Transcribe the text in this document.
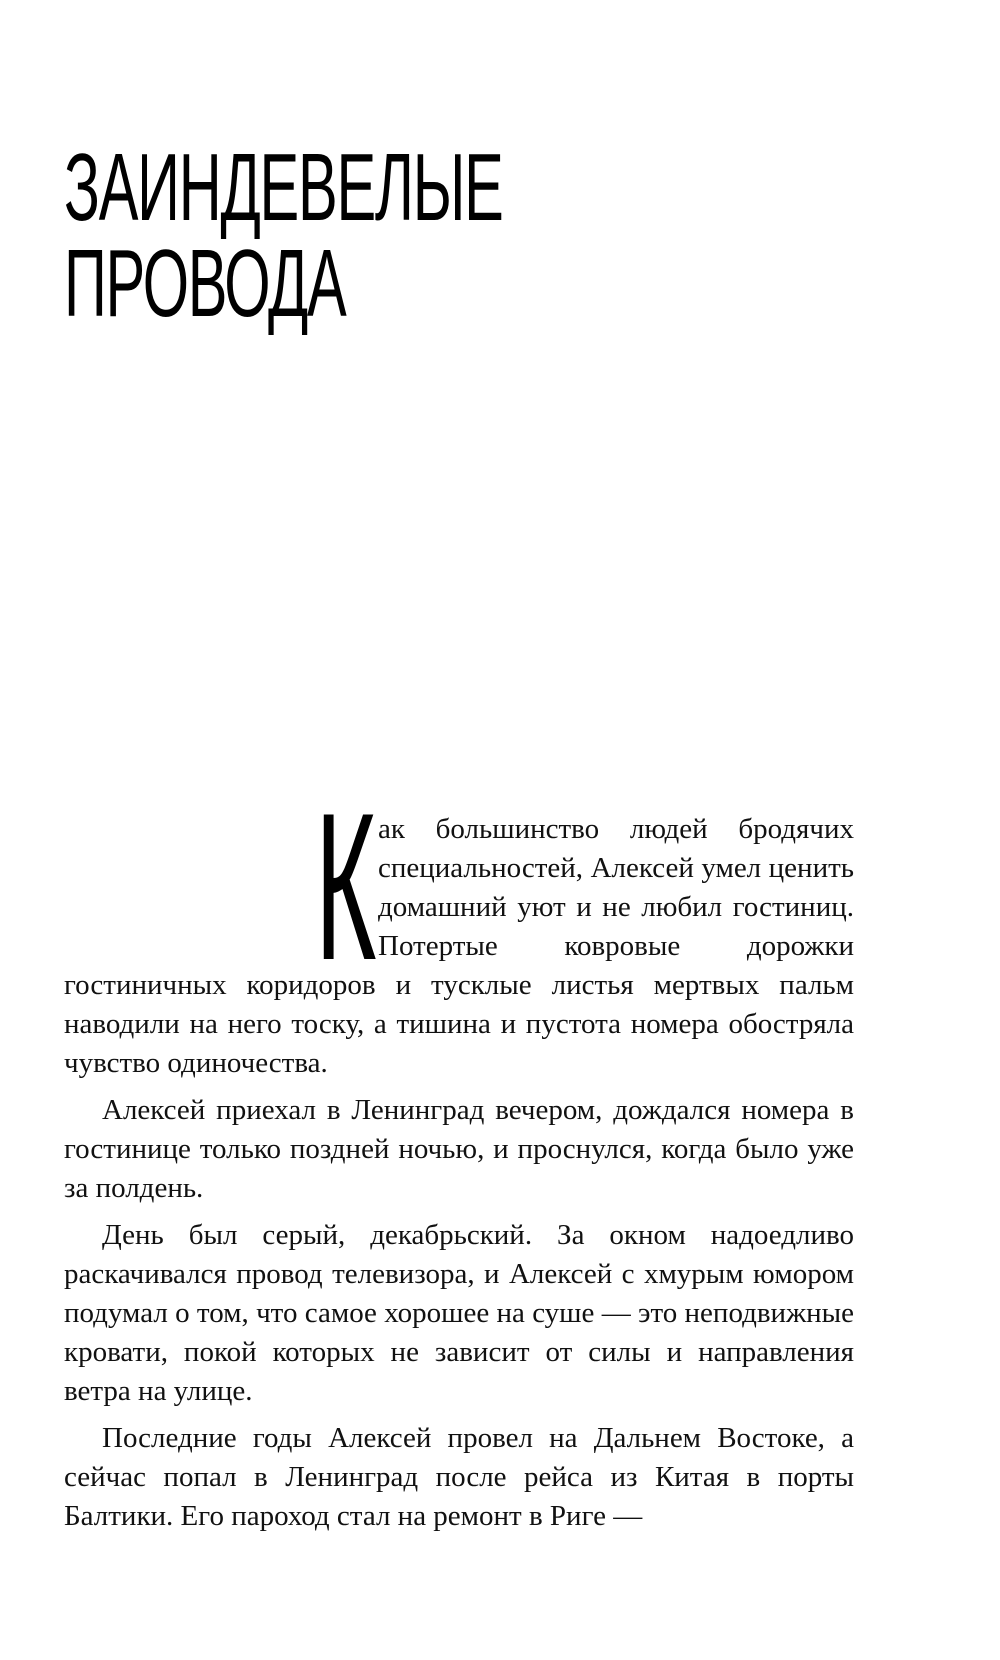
ЗАИНДЕВЕЛЫЕ
ПРОВОДА

К ак большинство людей бродячих специальностей, Алексей умел ценить домашний уют и не любил гостиниц. Потертые ковровые дорожки гостиничных коридоров и тусклые листья мертвых пальм наводили на него тоску, а тишина и пустота номера обостряла чувство одиночества.

Алексей приехал в Ленинград вечером, дождался номера в гостинице только поздней ночью, и проснулся, когда было уже за полдень.

День был серый, декабрьский. За окном надоедливо раскачивался провод телевизора, и Алексей с хмурым юмором подумал о том, что самое хорошее на суше — это неподвижные кровати, покой которых не зависит от силы и направления ветра на улице.

Последние годы Алексей провел на Дальнем Востоке, а сейчас попал в Ленинград после рейса из Китая в порты Балтики. Его пароход стал на ремонт в Риге —
